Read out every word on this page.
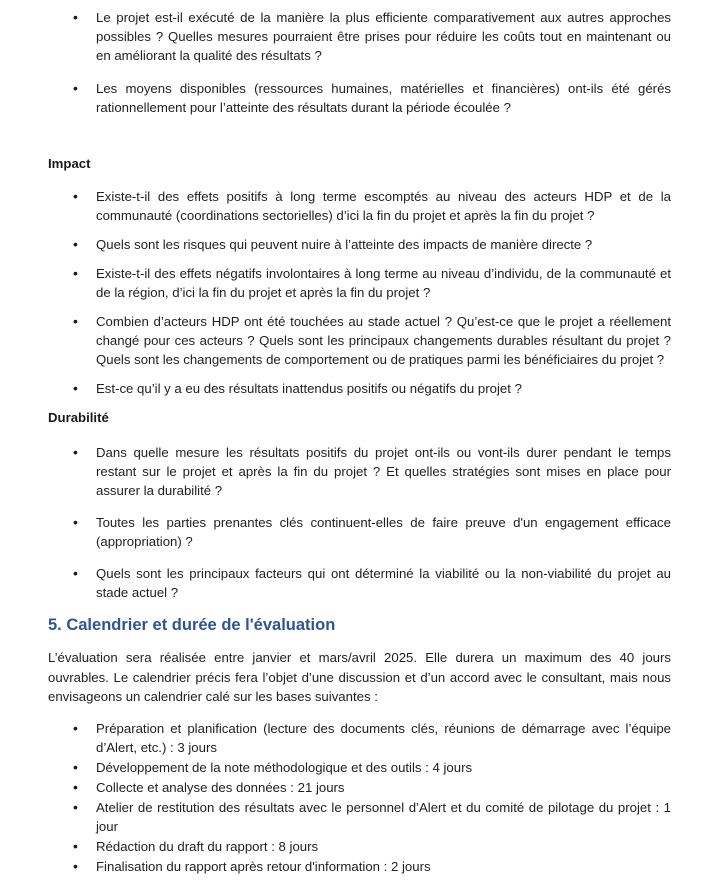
• Le projet est-il exécuté de la manière la plus efficiente comparativement aux autres approches possibles ? Quelles mesures pourraient être prises pour réduire les coûts tout en maintenant ou en améliorant la qualité des résultats ?
• Les moyens disponibles (ressources humaines, matérielles et financières) ont-ils été gérés rationnellement pour l’atteinte des résultats durant la période écoulée ?
Impact
• Existe-t-il des effets positifs à long terme escomptés au niveau des acteurs HDP et de la communauté (coordinations sectorielles) d’ici la fin du projet et après la fin du projet ?
• Quels sont les risques qui peuvent nuire à l’atteinte des impacts de manière directe ?
• Existe-t-il des effets négatifs involontaires à long terme au niveau d’individu, de la communauté et de la région, d’ici la fin du projet et après la fin du projet ?
• Combien d’acteurs HDP ont été touchées au stade actuel ? Qu’est-ce que le projet a réellement changé pour ces acteurs ? Quels sont les principaux changements durables résultant du projet ? Quels sont les changements de comportement ou de pratiques parmi les bénéficiaires du projet ?
• Est-ce qu’il y a eu des résultats inattendus positifs ou négatifs du projet ?
Durabilité
• Dans quelle mesure les résultats positifs du projet ont-ils ou vont-ils durer pendant le temps restant sur le projet et après la fin du projet ? Et quelles stratégies sont mises en place pour assurer la durabilité ?
• Toutes les parties prenantes clés continuent-elles de faire preuve d'un engagement efficace (appropriation) ?
• Quels sont les principaux facteurs qui ont déterminé la viabilité ou la non-viabilité du projet au stade actuel ?
5. Calendrier et durée de l'évaluation
L’évaluation sera réalisée entre janvier et mars/avril 2025. Elle durera un maximum des 40 jours ouvrables. Le calendrier précis fera l’objet d’une discussion et d’un accord avec le consultant, mais nous envisageons un calendrier calé sur les bases suivantes :
• Préparation et planification (lecture des documents clés, réunions de démarrage avec l’équipe d’Alert, etc.) : 3 jours
• Développement de la note méthodologique et des outils : 4 jours
• Collecte et analyse des données : 21 jours
• Atelier de restitution des résultats avec le personnel d’Alert et du comité de pilotage du projet : 1 jour
• Rédaction du draft du rapport : 8 jours
• Finalisation du rapport après retour d'information : 2 jours
